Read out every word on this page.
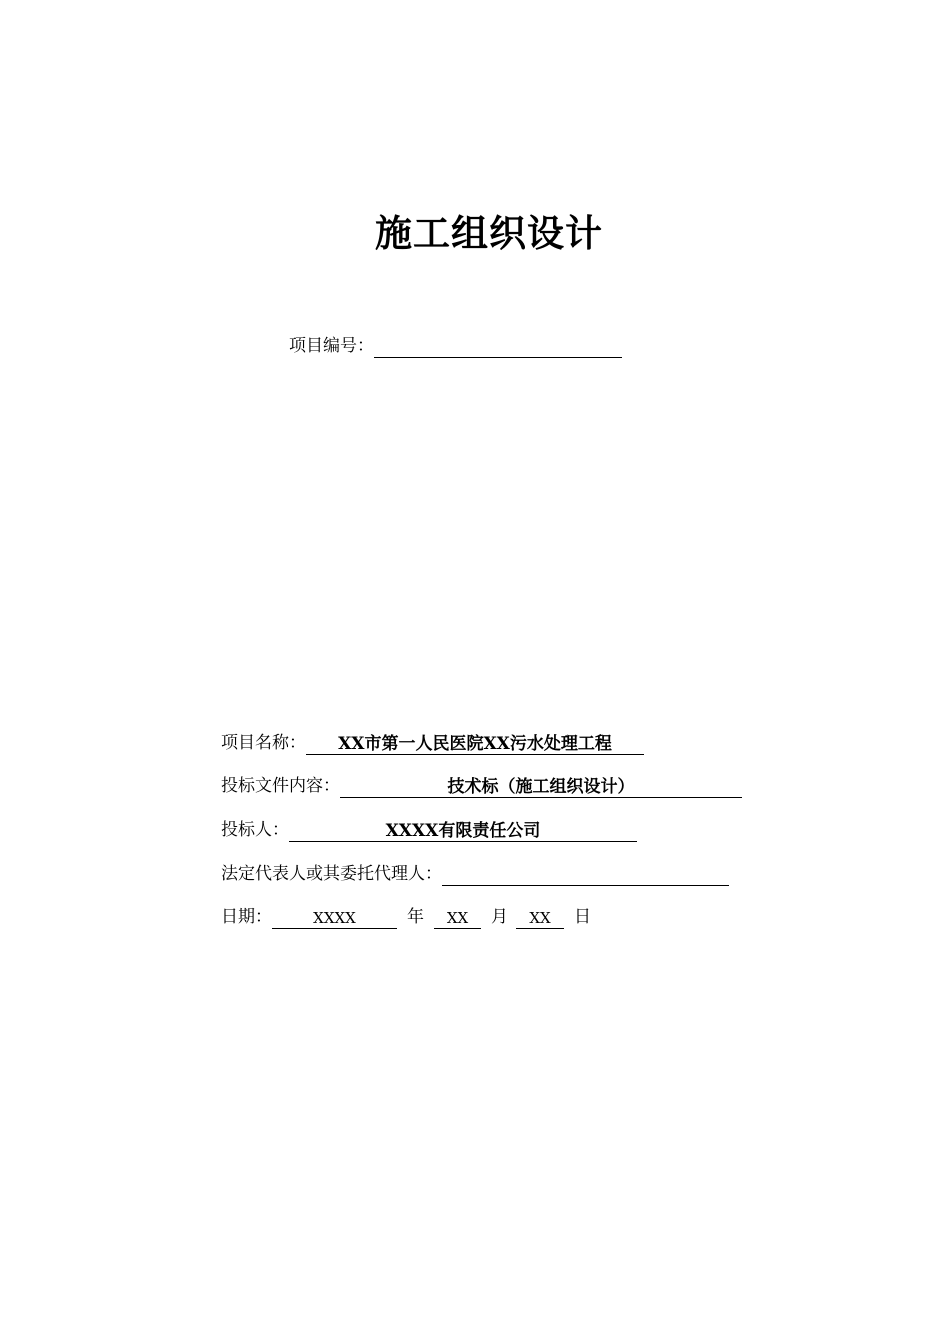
施工组织设计
项目编号：
项目名称：	XX市第一人民医院XX污水处理工程
投标文件内容：	技术标（施工组织设计）
投标人：	XXXX有限责任公司
法定代表人或其委托代理人：
日期：	XXXX	年	XX	月	XX	日
